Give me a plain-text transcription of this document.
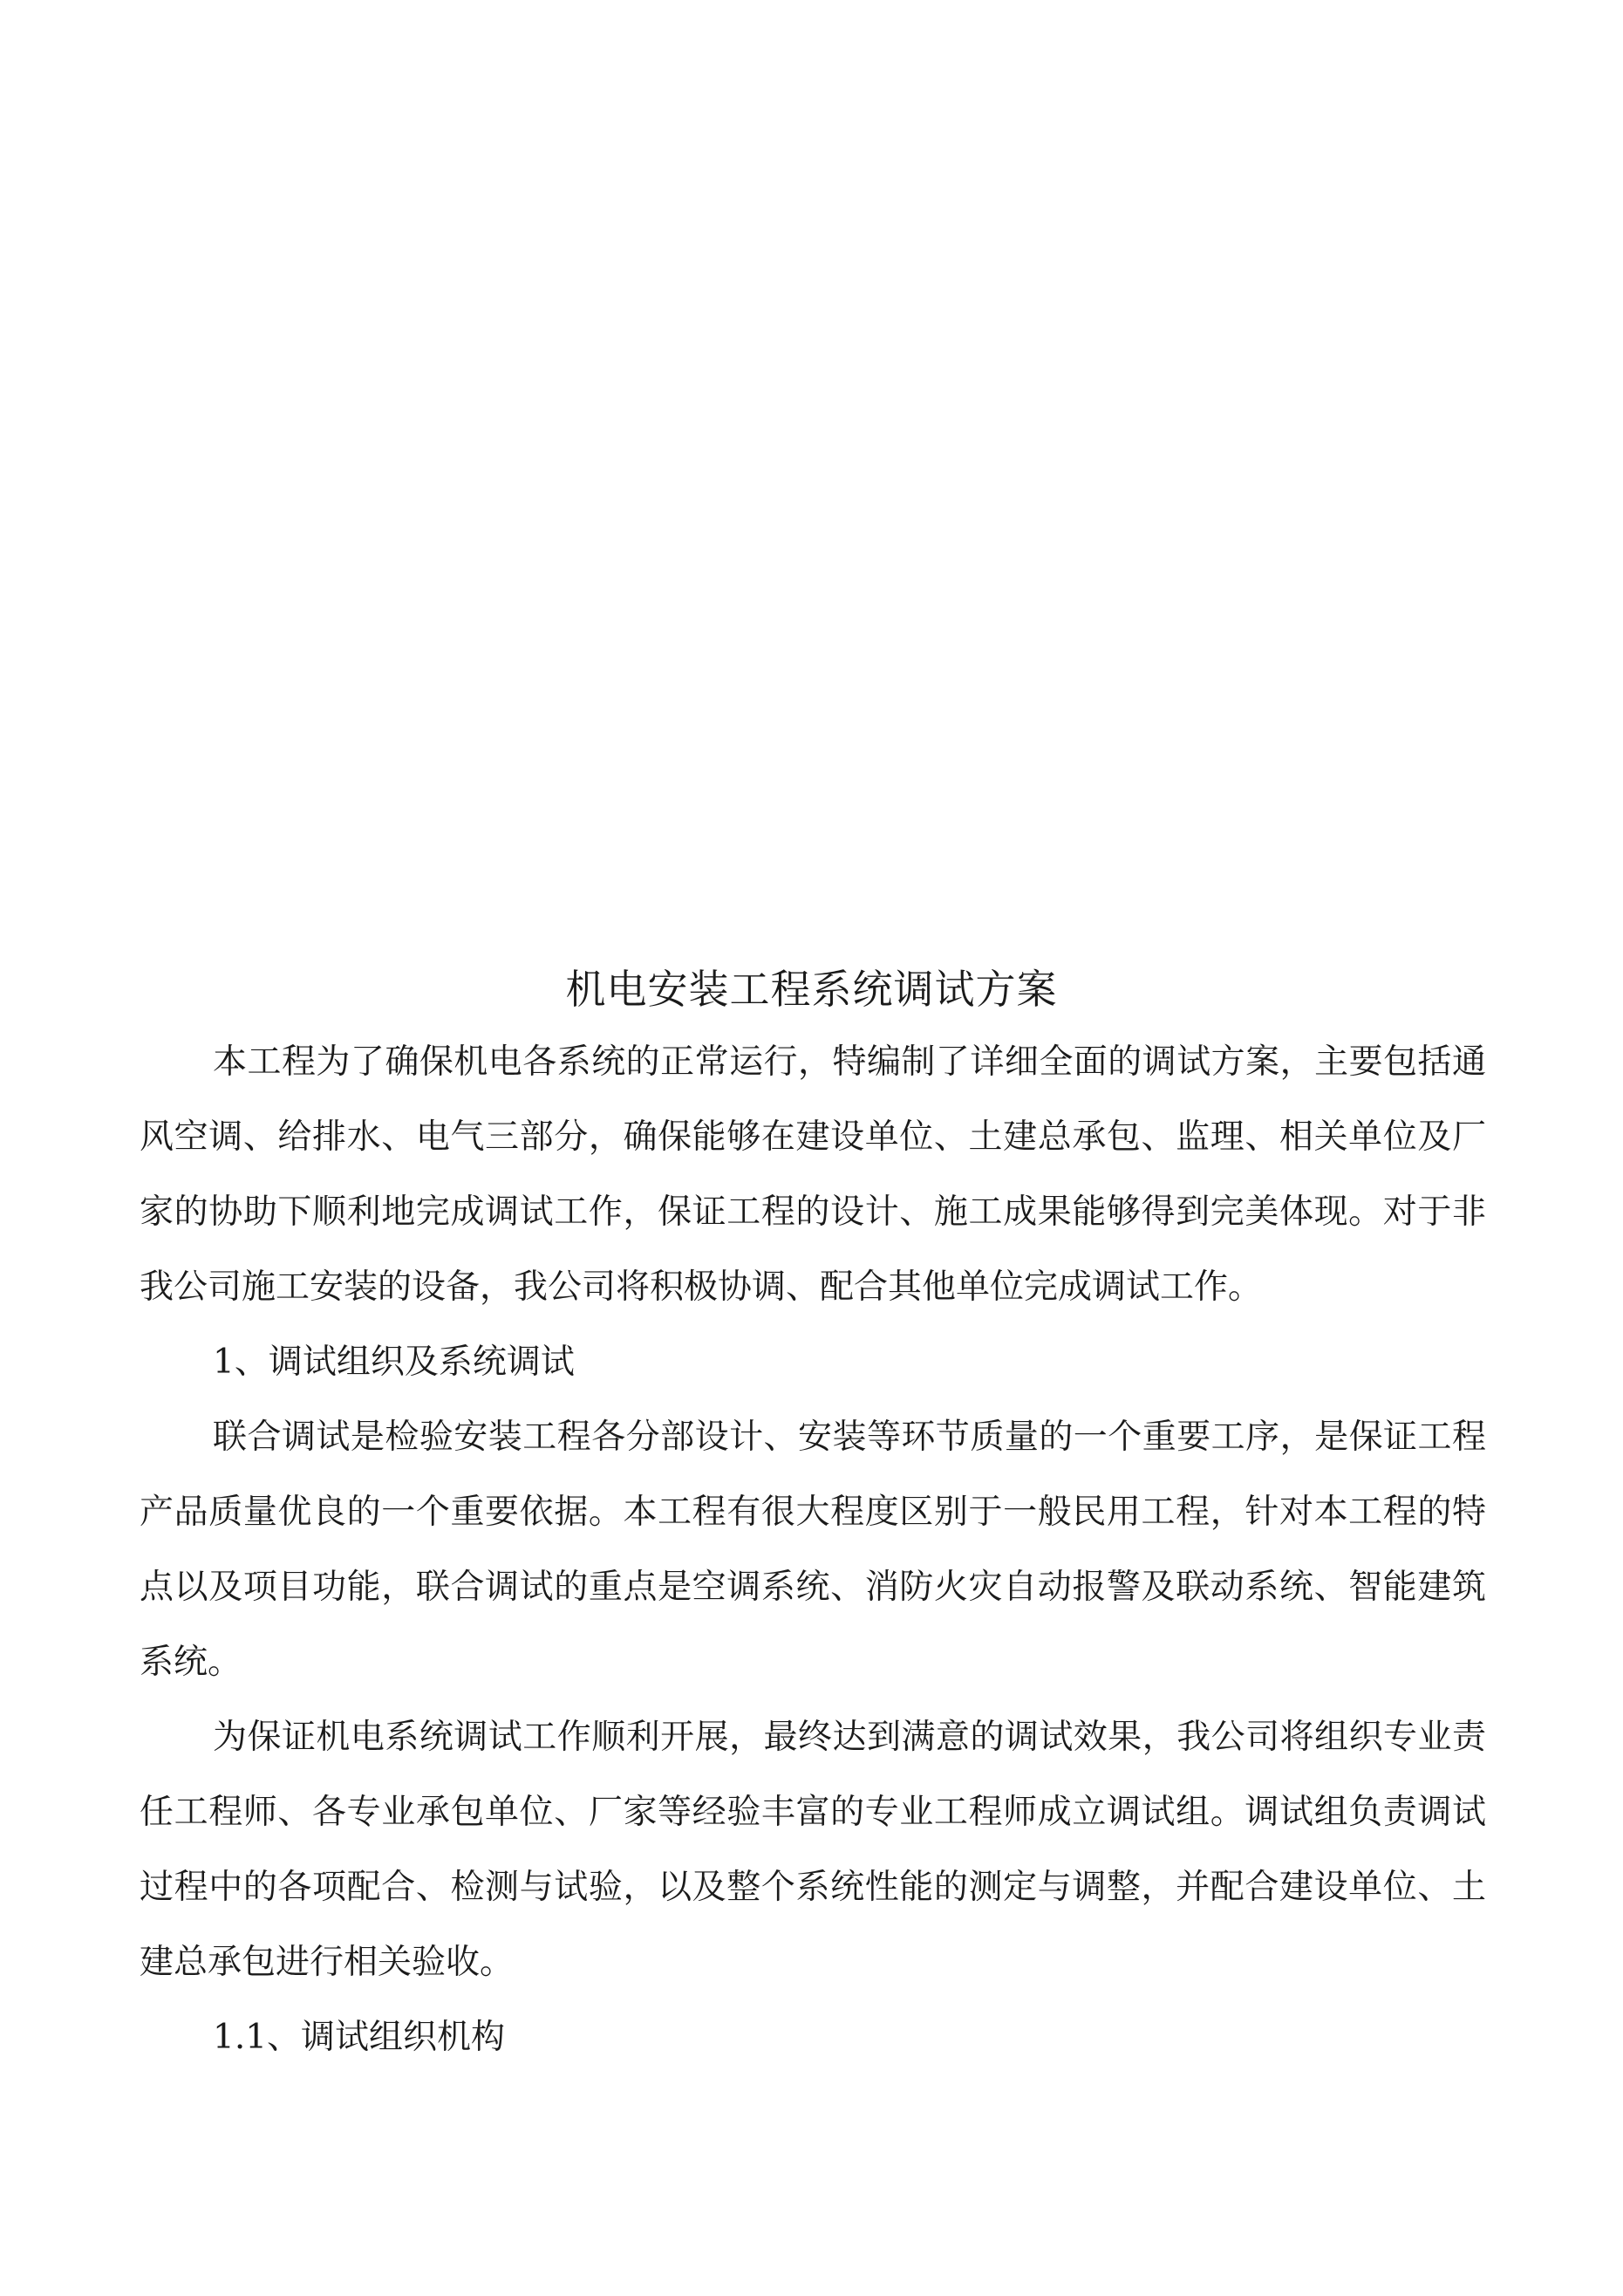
机电安装工程系统调试方案

本工程为了确保机电各系统的正常运行，特编制了详细全面的调试方案，主要包括通风空调、给排水、电气三部分，确保能够在建设单位、土建总承包、监理、相关单位及厂家的协助下顺利地完成调试工作，保证工程的设计、施工成果能够得到完美体现。对于非我公司施工安装的设备，我公司将积极协调、配合其他单位完成调试工作。

1、调试组织及系统调试

联合调试是检验安装工程各分部设计、安装等环节质量的一个重要工序，是保证工程产品质量优良的一个重要依据。本工程有很大程度区别于一般民用工程，针对本工程的特点以及项目功能，联合调试的重点是空调系统、消防火灾自动报警及联动系统、智能建筑系统。

为保证机电系统调试工作顺利开展，最终达到满意的调试效果，我公司将组织专业责任工程师、各专业承包单位、厂家等经验丰富的专业工程师成立调试组。调试组负责调试过程中的各项配合、检测与试验，以及整个系统性能的测定与调整，并配合建设单位、土建总承包进行相关验收。

1.1、调试组织机构
